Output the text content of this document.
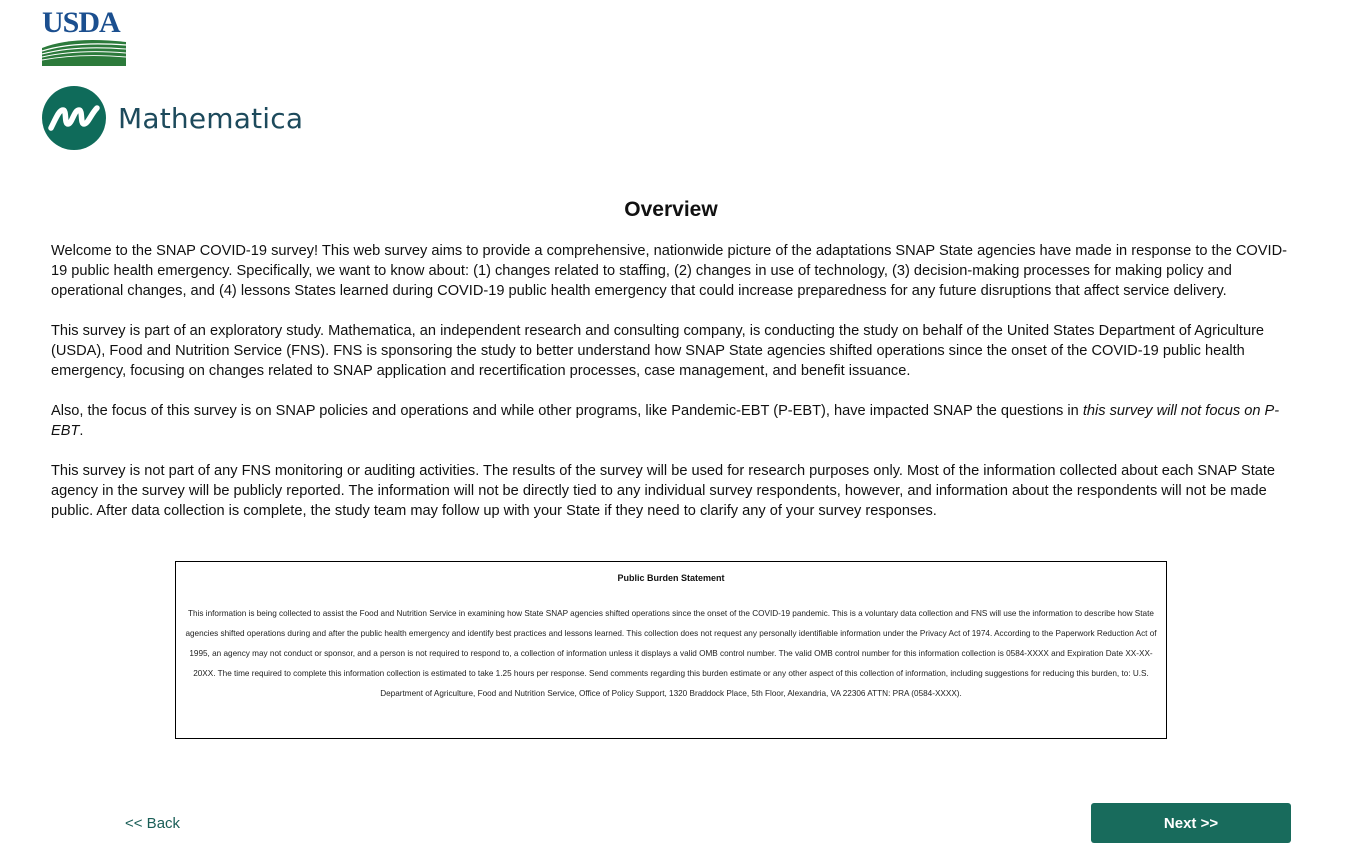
USDA
Mathematica
Overview

Welcome to the SNAP COVID-19 survey! This web survey aims to provide a comprehensive, nationwide picture of the adaptations SNAP State agencies have made in response to the COVID-19 public health emergency. Specifically, we want to know about: (1) changes related to staffing, (2) changes in use of technology, (3) decision-making processes for making policy and operational changes, and (4) lessons States learned during COVID-19 public health emergency that could increase preparedness for any future disruptions that affect service delivery.

This survey is part of an exploratory study. Mathematica, an independent research and consulting company, is conducting the study on behalf of the United States Department of Agriculture (USDA), Food and Nutrition Service (FNS). FNS is sponsoring the study to better understand how SNAP State agencies shifted operations since the onset of the COVID-19 public health emergency, focusing on changes related to SNAP application and recertification processes, case management, and benefit issuance.

Also, the focus of this survey is on SNAP policies and operations and while other programs, like Pandemic-EBT (P-EBT), have impacted SNAP the questions in this survey will not focus on P-EBT.

This survey is not part of any FNS monitoring or auditing activities. The results of the survey will be used for research purposes only. Most of the information collected about each SNAP State agency in the survey will be publicly reported. The information will not be directly tied to any individual survey respondents, however, and information about the respondents will not be made public. After data collection is complete, the study team may follow up with your State if they need to clarify any of your survey responses.

Public Burden Statement
This information is being collected to assist the Food and Nutrition Service in examining how State SNAP agencies shifted operations since the onset of the COVID-19 pandemic. This is a voluntary data collection and FNS will use the information to describe how State agencies shifted operations during and after the public health emergency and identify best practices and lessons learned. This collection does not request any personally identifiable information under the Privacy Act of 1974. According to the Paperwork Reduction Act of 1995, an agency may not conduct or sponsor, and a person is not required to respond to, a collection of information unless it displays a valid OMB control number. The valid OMB control number for this information collection is 0584-XXXX and Expiration Date XX-XX-20XX. The time required to complete this information collection is estimated to take 1.25 hours per response. Send comments regarding this burden estimate or any other aspect of this collection of information, including suggestions for reducing this burden, to: U.S. Department of Agriculture, Food and Nutrition Service, Office of Policy Support, 1320 Braddock Place, 5th Floor, Alexandria, VA 22306 ATTN: PRA (0584-XXXX).
<< Back	Next >>
